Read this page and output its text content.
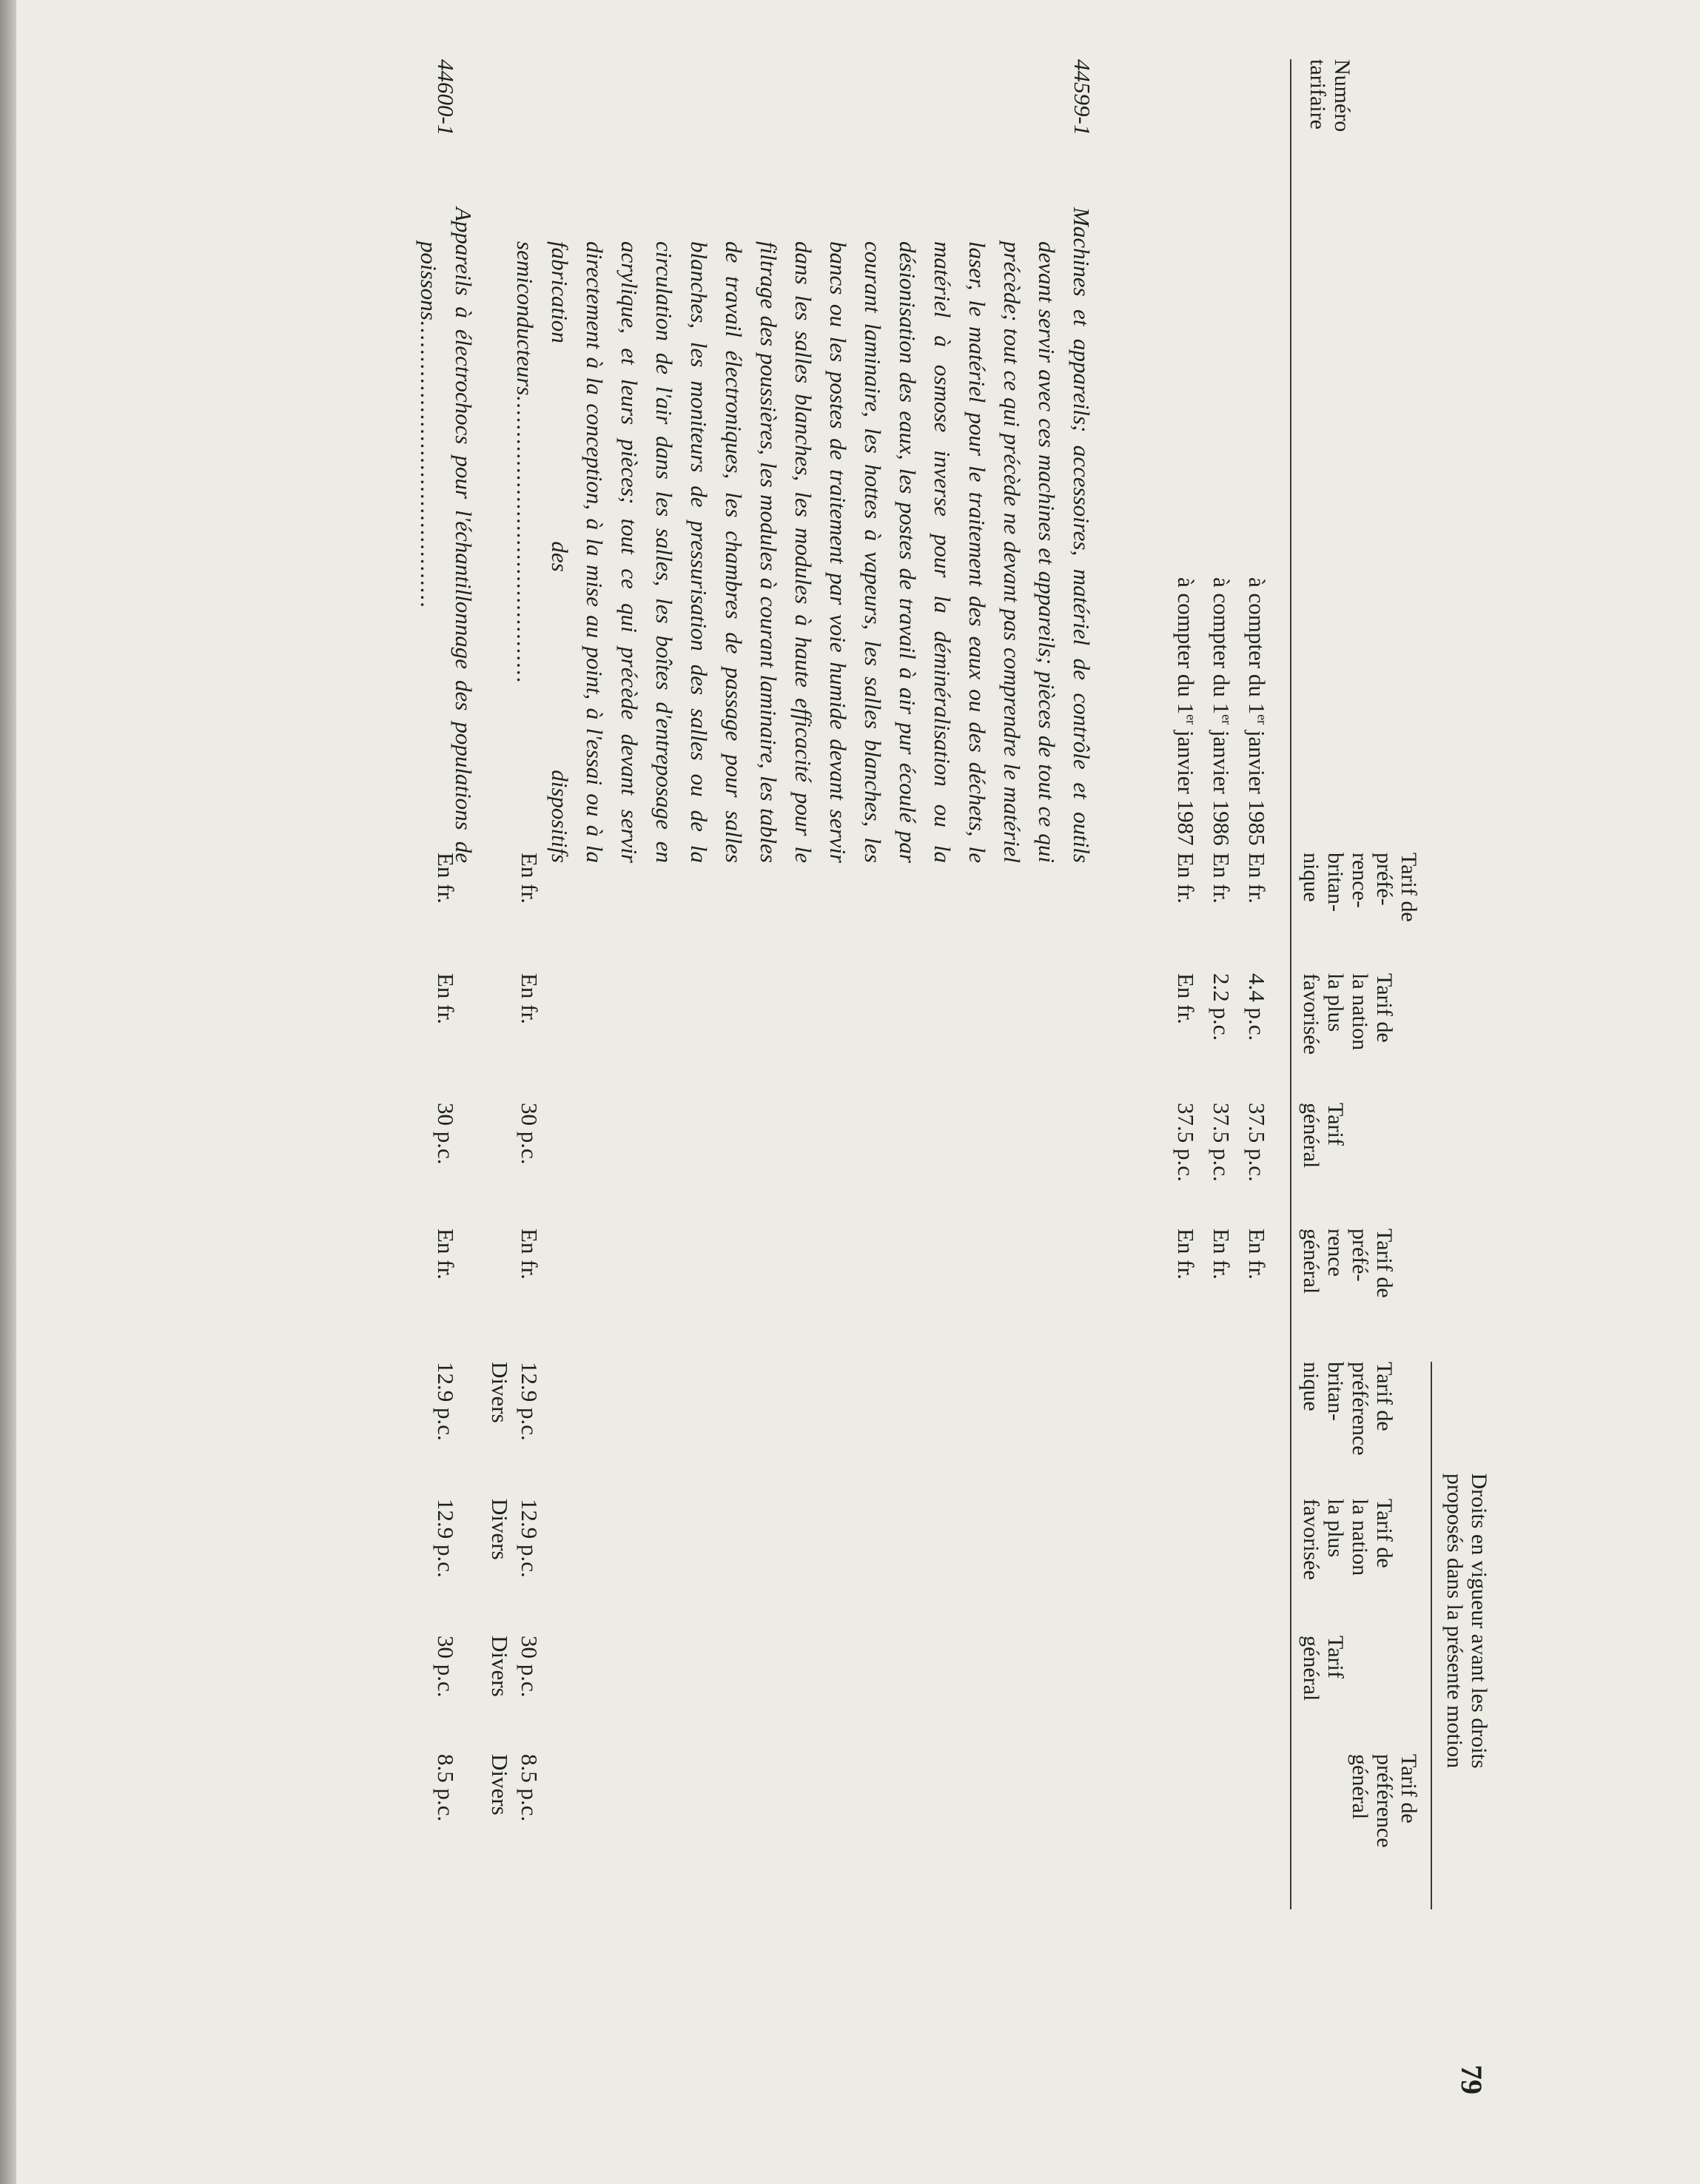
Droits en vigueur avant les droits
proposés dans la présente motion
Numéro
tarifaire
Tarif de
préfé-
rence-
britan-
nique
Tarif de
la nation
la plus
favorisée
Tarif
général
Tarif de
préfé-
rence
général
Tarif de
préférence
britan-
nique
Tarif de
la nation
la plus
favorisée
Tarif
général
Tarif de
préférence
général
à compter du 1er janvier 1985
à compter du 1er janvier 1986
à compter du 1er janvier 1987
En fr.
En fr.
En fr.
4.4 p.c.
2.2 p.c.
En fr.
37.5 p.c.
37.5 p.c.
37.5 p.c.
En fr.
En fr.
En fr.
44599-1
Machines et appareils; accessoires, matériel de contrôle et outils devant servir avec ces machines et appareils; pièces de tout ce qui précède; tout ce qui précède ne devant pas comprendre le matériel laser, le matériel pour le traitement des eaux ou des déchets, le matériel à osmose inverse pour la déminéralisation ou la désionisation des eaux, les postes de travail à air pur écoulé par courant laminaire, les hottes à vapeurs, les salles blanches, les bancs ou les postes de traitement par voie humide devant servir dans les salles blanches, les modules à haute efficacité pour le filtrage des poussières, les modules à courant laminaire, les tables de travail électroniques, les chambres de passage pour salles blanches, les moniteurs de pressurisation des salles ou de la circulation de l'air dans les salles, les boîtes d'entreposage en acrylique, et leurs pièces; tout ce qui précède devant servir directement à la conception, à la mise au point, à l'essai ou à la fabrication des dispositifs semiconducteurs........................................
En fr.
En fr.
30 p.c.
En fr.
12.9 p.c.
12.9 p.c.
30 p.c.
8.5 p.c.
Divers
Divers
Divers
Divers
44600-1
Appareils à électrochocs pour l'échantillonnage des populations de poissons........................................
En fr.
En fr.
30 p.c.
En fr.
12.9 p.c.
12.9 p.c.
30 p.c.
8.5 p.c.
79
